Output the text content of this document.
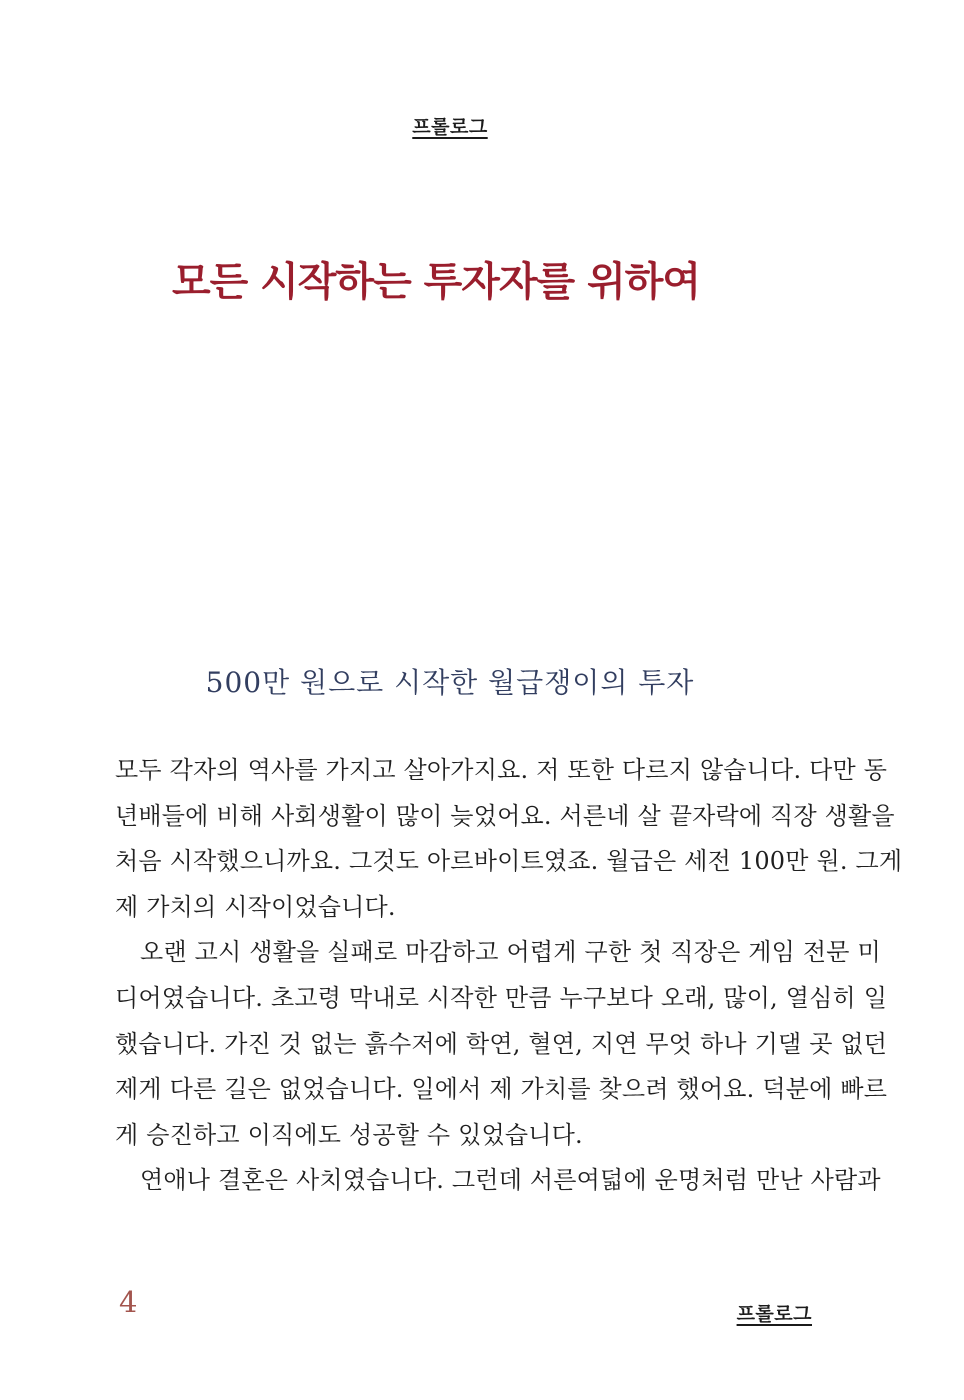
프롤로그
모든 시작하는 투자자를 위하여
500만 원으로 시작한 월급쟁이의 투자
모두 각자의 역사를 가지고 살아가지요. 저 또한 다르지 않습니다. 다만 동
년배들에 비해 사회생활이 많이 늦었어요. 서른네 살 끝자락에 직장 생활을
처음 시작했으니까요. 그것도 아르바이트였죠. 월급은 세전 100만 원. 그게
제 가치의 시작이었습니다.
오랜 고시 생활을 실패로 마감하고 어렵게 구한 첫 직장은 게임 전문 미
디어였습니다. 초고령 막내로 시작한 만큼 누구보다 오래, 많이, 열심히 일
했습니다. 가진 것 없는 흙수저에 학연, 혈연, 지연 무엇 하나 기댈 곳 없던
제게 다른 길은 없었습니다. 일에서 제 가치를 찾으려 했어요. 덕분에 빠르
게 승진하고 이직에도 성공할 수 있었습니다.
연애나 결혼은 사치였습니다. 그런데 서른여덟에 운명처럼 만난 사람과
4	프롤로그
